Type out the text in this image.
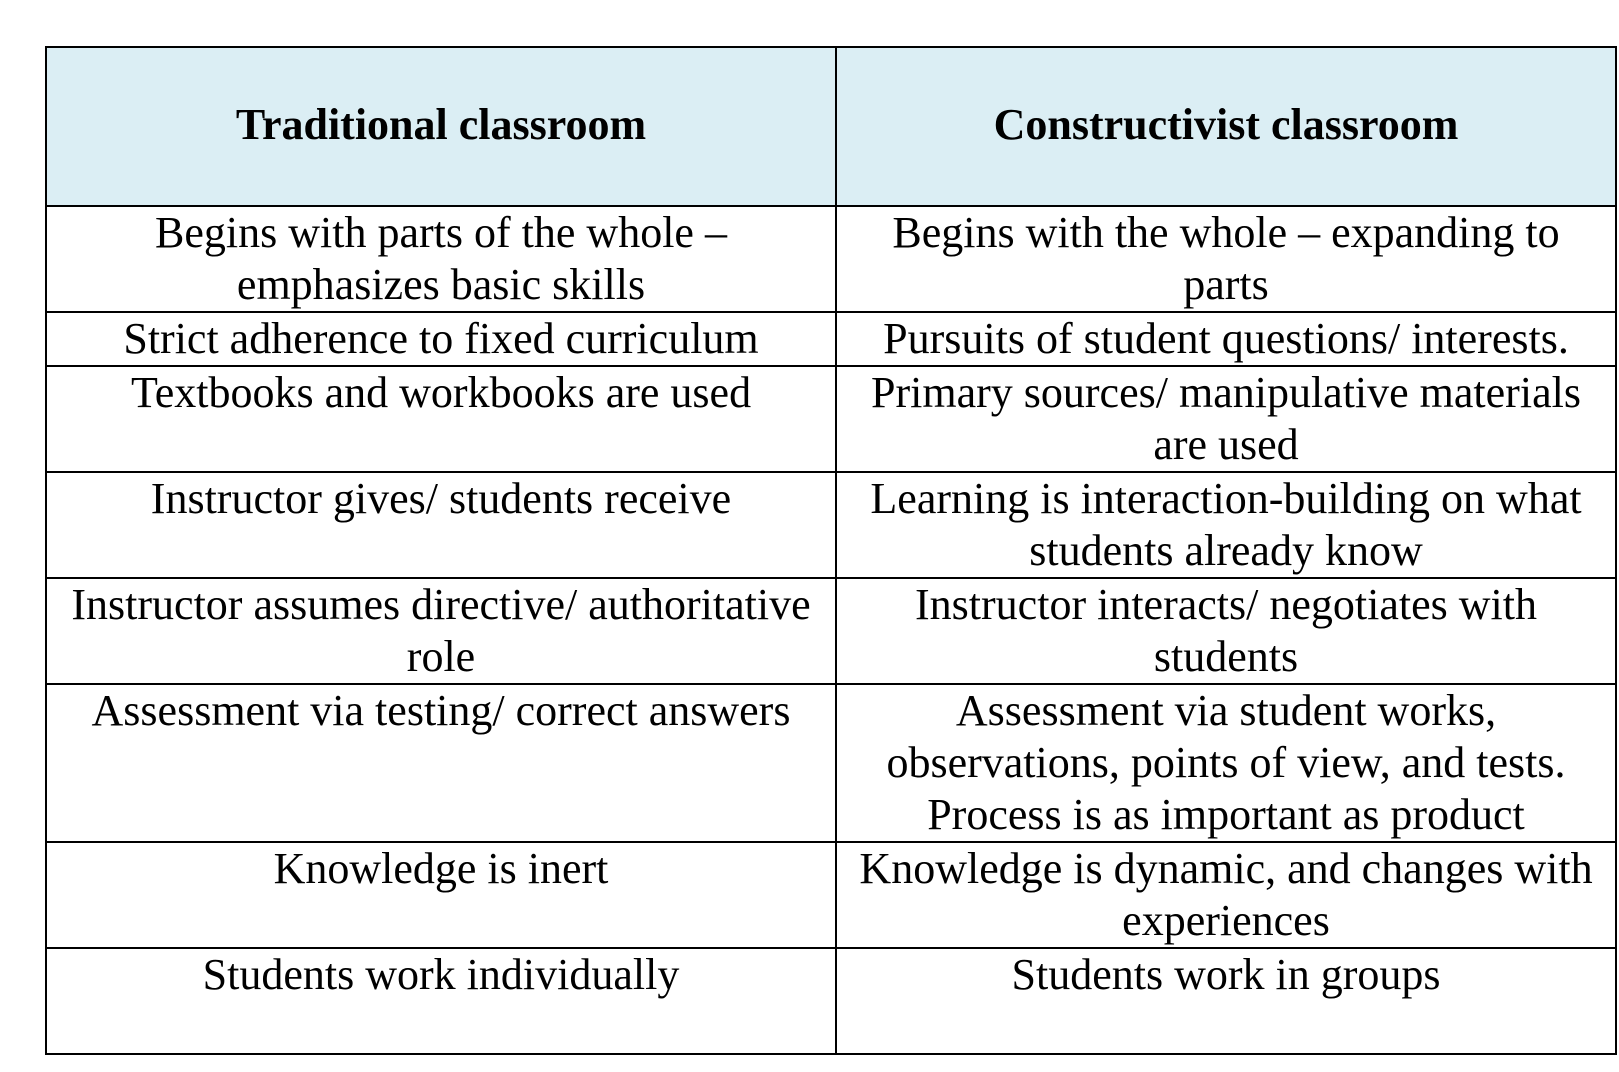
Traditional classroom	Constructivist classroom

Begins with parts of the whole – emphasizes basic skills	Begins with the whole – expanding to parts

Strict adherence to fixed curriculum	Pursuits of student questions/ interests.

Textbooks and workbooks are used	Primary sources/ manipulative materials are used

Instructor gives/ students receive	Learning is interaction-building on what students already know

Instructor assumes directive/ authoritative role	Instructor interacts/ negotiates with students

Assessment via testing/ correct answers	Assessment via student works, observations, points of view, and tests. Process is as important as product

Knowledge is inert	Knowledge is dynamic, and changes with experiences

Students work individually	Students work in groups
